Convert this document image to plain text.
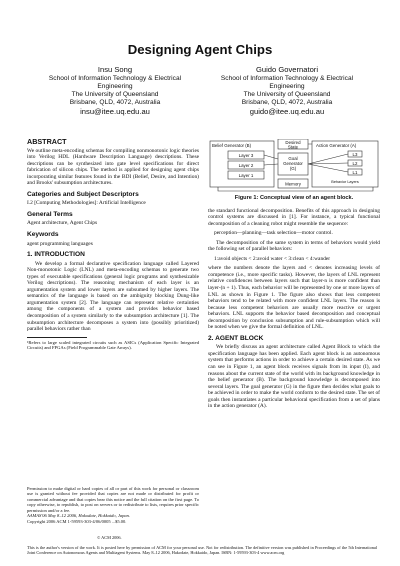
Designing Agent Chips
Insu Song
School of Information Technology & Electrical
Engineering
The University of Queensland
Brisbane, QLD, 4072, Australia
insu@itee.uq.edu.au
Guido Governatori
School of Information Technology & Electrical
Engineering
The University of Queensland
Brisbane, QLD, 4072, Australia
guido@itee.uq.edu.au
ABSTRACT

We outline meta-encoding schemas for compiling nonmonotonic logic theories into Verilog HDL (Hardware Description Language) descriptions. These descriptions can be synthesized into gate level specifications for direct fabrication of silicon chips. The method is applied for designing agent chips incorporating similar features found in the BDI (Belief, Desire, and Intention) and Brooks' subsumption architectures.

Categories and Subject Descriptors

I.2 [Computing Methodologies]: Artificial Intelligence

General Terms

Agent architecture, Agent Chips

Keywords

agent programming languages

1. INTRODUCTION

We develop a formal declarative specification language called Layered Non-monotonic Logic (LNL) and meta-encoding schemas to generate two types of executable specifications (general logic programs and synthesizable Verilog descriptions). The reasoning mechanism of each layer is an argumentation system and lower layers are subsumed by higher layers. The semantics of the language is based on the ambiguity blocking Dung-like argumentation system [2]. The language can represent relative certainties among the components of a system and provides behavior based decomposition of a system similarly to the subsumption architecture [1]. The subsumption architecture decomposes a system into (possibly prioritized) parallel behaviors rather than

¹Refers to large scaled integrated circuits such as ASICs (Application Specific Integrated Circuits) and FPGAs (Field Programmable Gate Arrays).

Permission to make digital or hard copies of all or part of this work for personal or classroom use is granted without fee provided that copies are not made or distributed for profit or commercial advantage and that copies bear this notice and the full citation on the first page. To copy otherwise, to republish, to post on servers or to redistribute to lists, requires prior specific permission and/or a fee.

AAMAS'06 May 8–12 2006, Hakodate, Hokkaido, Japan.

Copyright 2006 ACM 1-59593-303-4/06/0005 ...$5.00.

Belief Generator (B)
Desired
State
Goal
Generator
(G)
Memory
Action Generator (A)
Layer 3
Layer 2
Layer 1
L3
L2
L1
Behavior Layers
Figure 1: Conceptual view of an agent block.

the standard functional decomposition. Benefits of this approach in designing control systems are discussed in [1]. For instance, a typical functional decomposition of a cleaning robot might resemble the sequence:

perception—planning—task selection—motor control.

The decomposition of the same system in terms of behaviors would yield the following set of parallel behaviors:

1:avoid objects < 2:avoid water < 3:clean < 4:wander

where the numbers denote the layers and < denotes increasing levels of competence (i.e., more specific tasks). However, the layers of LNL represent relative confidences between layers such that layer-n is more confident than layer-(n + 1). Thus, each behavior will be represented by one or more layers of LNL as shown in Figure 1. The figure also shows that less competent behaviors tend to be related with more confident LNL layers. The reason is because less competent behaviors are usually more reactive or urgent behaviors. LNL supports the behavior based decomposition and conceptual decomposition by conclusion subsumption and rule-subsumption which will be noted when we give the formal definition of LNL.

2. AGENT BLOCK

We briefly discuss an agent architecture called Agent Block to which the specification language has been applied. Each agent block is an autonomous system that performs actions in order to achieve a certain desired state. As we can see in Figure 1, an agent block receives signals from its input (I), and reasons about the current state of the world with its background knowledge in the belief generator (B). The background knowledge is decomposed into several layers. The goal generator (G) in the figure then decides what goals to be achieved in order to make the world conform to the desired state. The set of goals then instantiates a particular behavioral specification from a set of plans in the action generator (A).

© ACM 2006.
This is the author's version of the work. It is posted here by permission of ACM for your personal use. Not for redistribution. The definitive version was published in Proceedings of the 5th International Joint Conference on Autonomous Agents and Multiagent Systems. May 8–12 2006, Hakodate, Hokkaido, Japan. ISBN: 1-59593-303-4 www.acm.org
